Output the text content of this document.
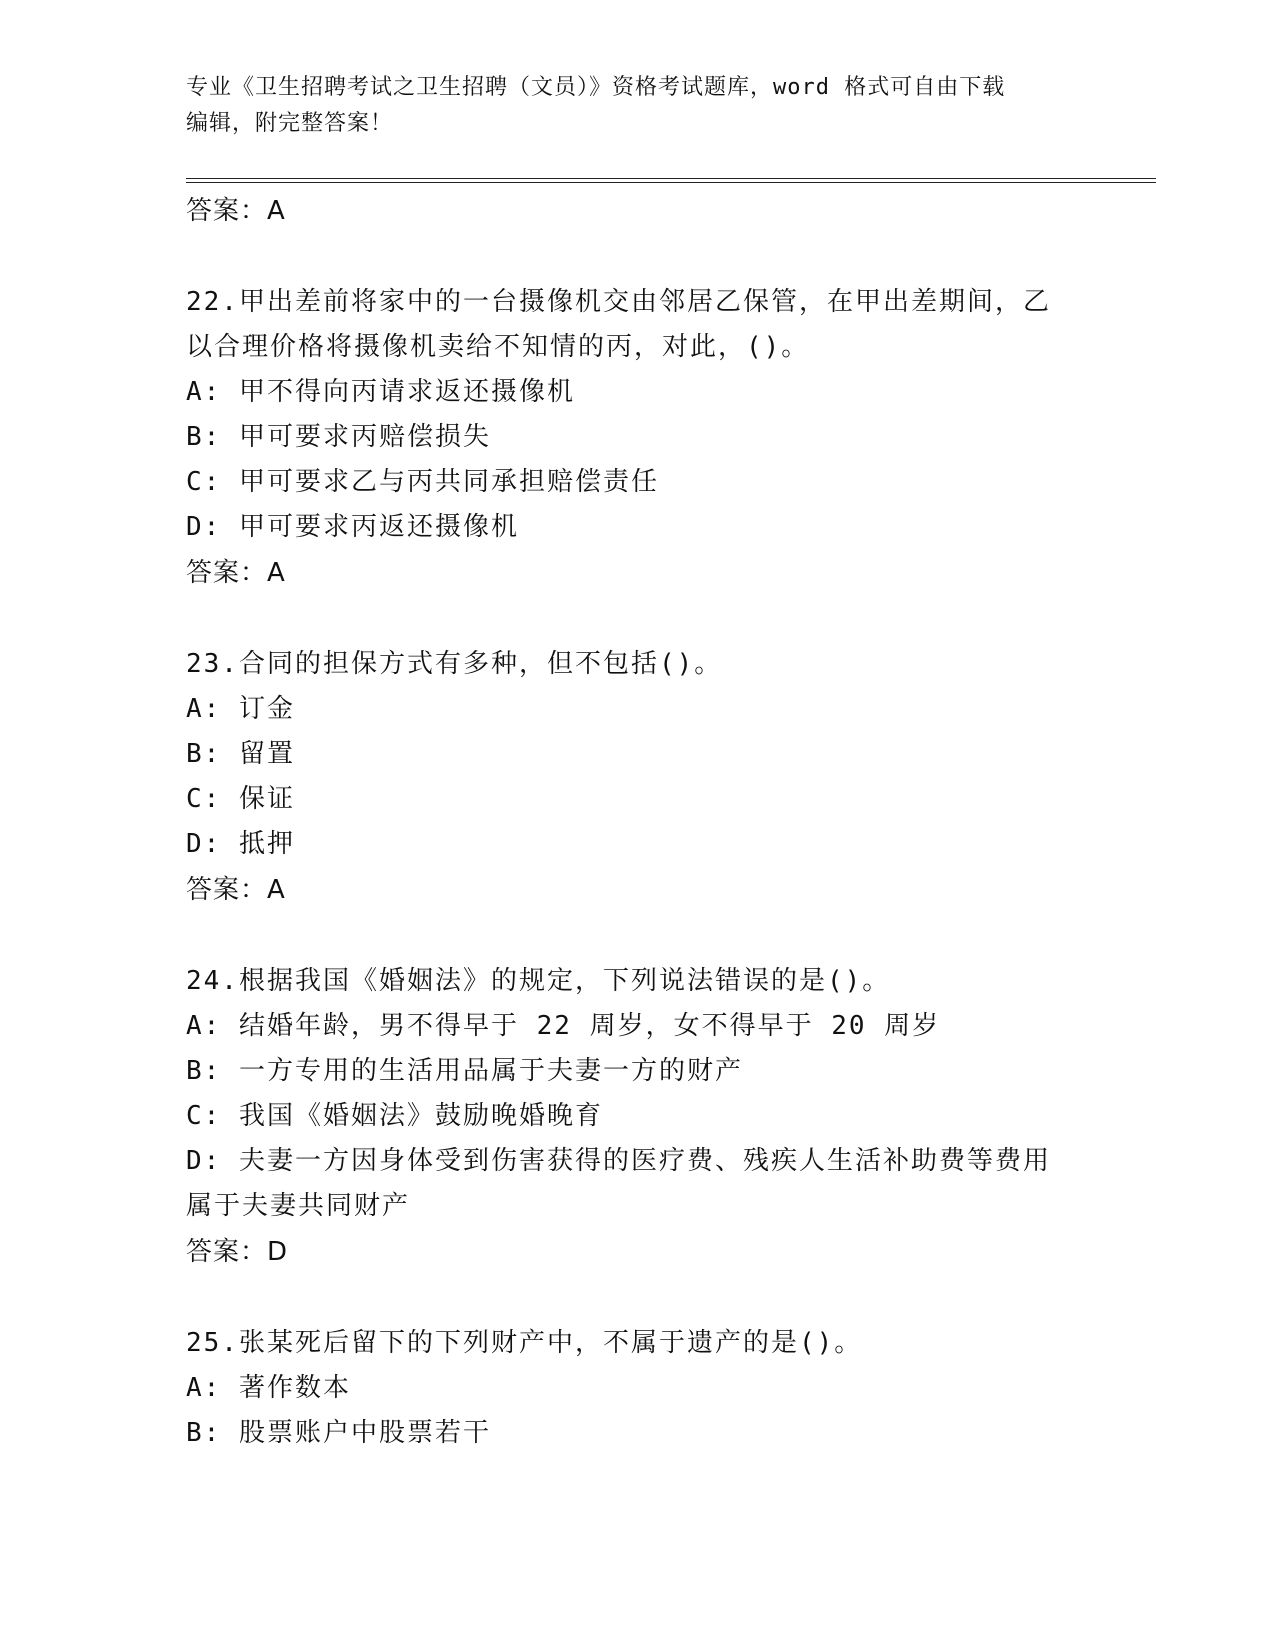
专业《卫生招聘考试之卫生招聘（文员）》资格考试题库，word 格式可自由下载
编辑，附完整答案！
答案：A
22.甲出差前将家中的一台摄像机交由邻居乙保管，在甲出差期间，乙
以合理价格将摄像机卖给不知情的丙，对此，()。
A: 甲不得向丙请求返还摄像机
B: 甲可要求丙赔偿损失
C: 甲可要求乙与丙共同承担赔偿责任
D: 甲可要求丙返还摄像机
答案：A
23.合同的担保方式有多种，但不包括()。
A: 订金
B: 留置
C: 保证
D: 抵押
答案：A
24.根据我国《婚姻法》的规定，下列说法错误的是()。
A: 结婚年龄，男不得早于 22 周岁，女不得早于 20 周岁
B: 一方专用的生活用品属于夫妻一方的财产
C: 我国《婚姻法》鼓励晚婚晚育
D: 夫妻一方因身体受到伤害获得的医疗费、残疾人生活补助费等费用
属于夫妻共同财产
答案：D
25.张某死后留下的下列财产中，不属于遗产的是()。
A: 著作数本
B: 股票账户中股票若干
